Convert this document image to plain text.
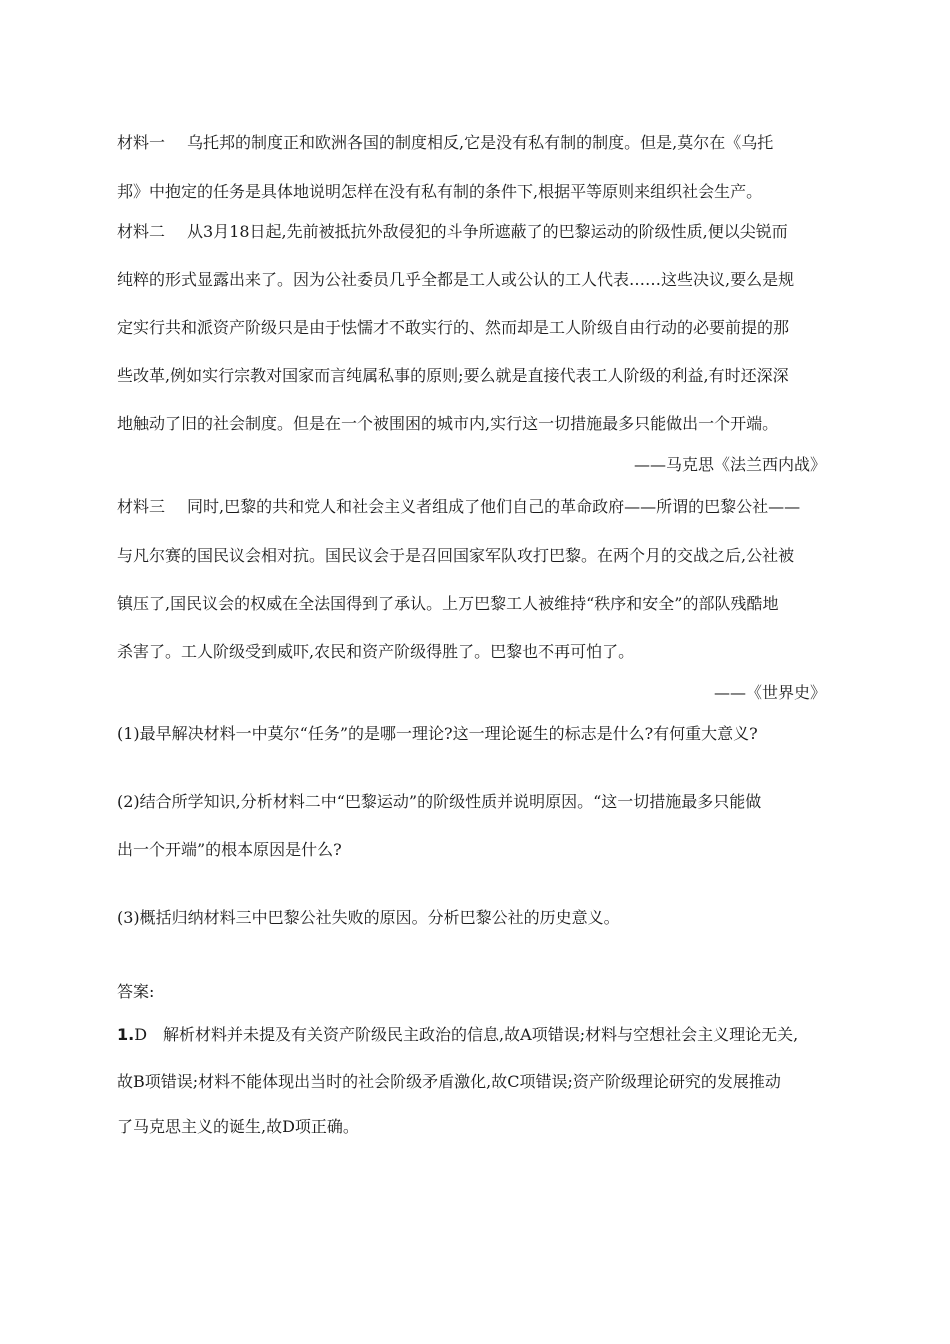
材料一 乌托邦的制度正和欧洲各国的制度相反,它是没有私有制的制度。但是,莫尔在《乌托
邦》中抱定的任务是具体地说明怎样在没有私有制的条件下,根据平等原则来组织社会生产。
材料二 从3月18日起,先前被抵抗外敌侵犯的斗争所遮蔽了的巴黎运动的阶级性质,便以尖锐而
纯粹的形式显露出来了。因为公社委员几乎全都是工人或公认的工人代表……这些决议,要么是规
定实行共和派资产阶级只是由于怯懦才不敢实行的、然而却是工人阶级自由行动的必要前提的那
些改革,例如实行宗教对国家而言纯属私事的原则;要么就是直接代表工人阶级的利益,有时还深深
地触动了旧的社会制度。但是在一个被围困的城市内,实行这一切措施最多只能做出一个开端。
——马克思《法兰西内战》
材料三 同时,巴黎的共和党人和社会主义者组成了他们自己的革命政府——所谓的巴黎公社——
与凡尔赛的国民议会相对抗。国民议会于是召回国家军队攻打巴黎。在两个月的交战之后,公社被
镇压了,国民议会的权威在全法国得到了承认。上万巴黎工人被维持“秩序和安全”的部队残酷地
杀害了。工人阶级受到威吓,农民和资产阶级得胜了。巴黎也不再可怕了。
——《世界史》
(1)最早解决材料一中莫尔“任务”的是哪一理论?这一理论诞生的标志是什么?有何重大意义?
(2)结合所学知识,分析材料二中“巴黎运动”的阶级性质并说明原因。“这一切措施最多只能做
出一个开端”的根本原因是什么?
(3)概括归纳材料三中巴黎公社失败的原因。分析巴黎公社的历史意义。
答案:
1.D　解析材料并未提及有关资产阶级民主政治的信息,故A项错误;材料与空想社会主义理论无关,
故B项错误;材料不能体现出当时的社会阶级矛盾激化,故C项错误;资产阶级理论研究的发展推动
了马克思主义的诞生,故D项正确。
